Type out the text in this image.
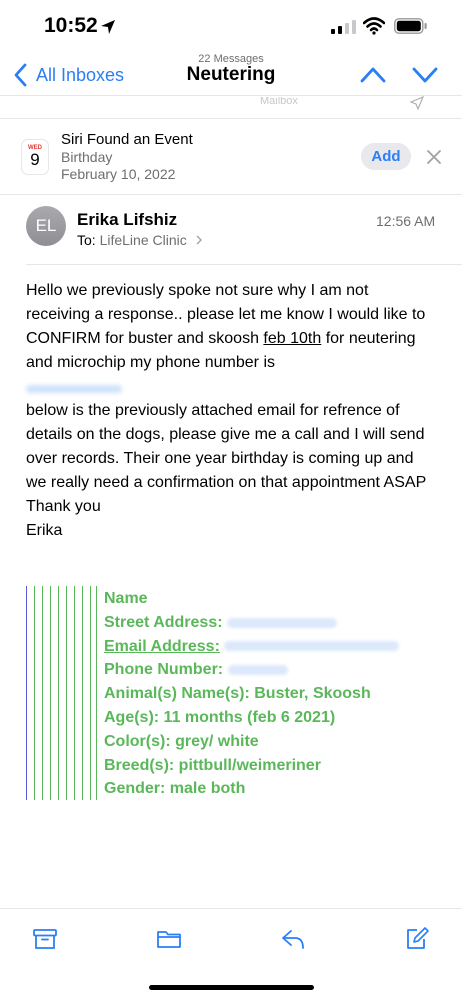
10:52
All Inboxes
22 Messages
Neutering
Mailbox
WED
9
Siri Found an Event
Birthday
February 10, 2022
Add
EL	Erika Lifshiz
To: LifeLine Clinic
12:56 AM

Hello we previously spoke not sure why I am not receiving a response.. please let me know I would like to CONFIRM for buster and skoosh feb 10th for neutering and microchip my phone number is

below is the previously attached email for refrence of details on the dogs, please give me a call and I will send over records. Their one year birthday is coming up and we really need a confirmation on that appointment ASAP

Thank you

Erika

Name
Street Address:
Email Address:
Phone Number:
Animal(s) Name(s): Buster, Skoosh
Age(s): 11 months (feb 6 2021)
Color(s): grey/ white
Breed(s): pittbull/weimeriner
Gender: male both
